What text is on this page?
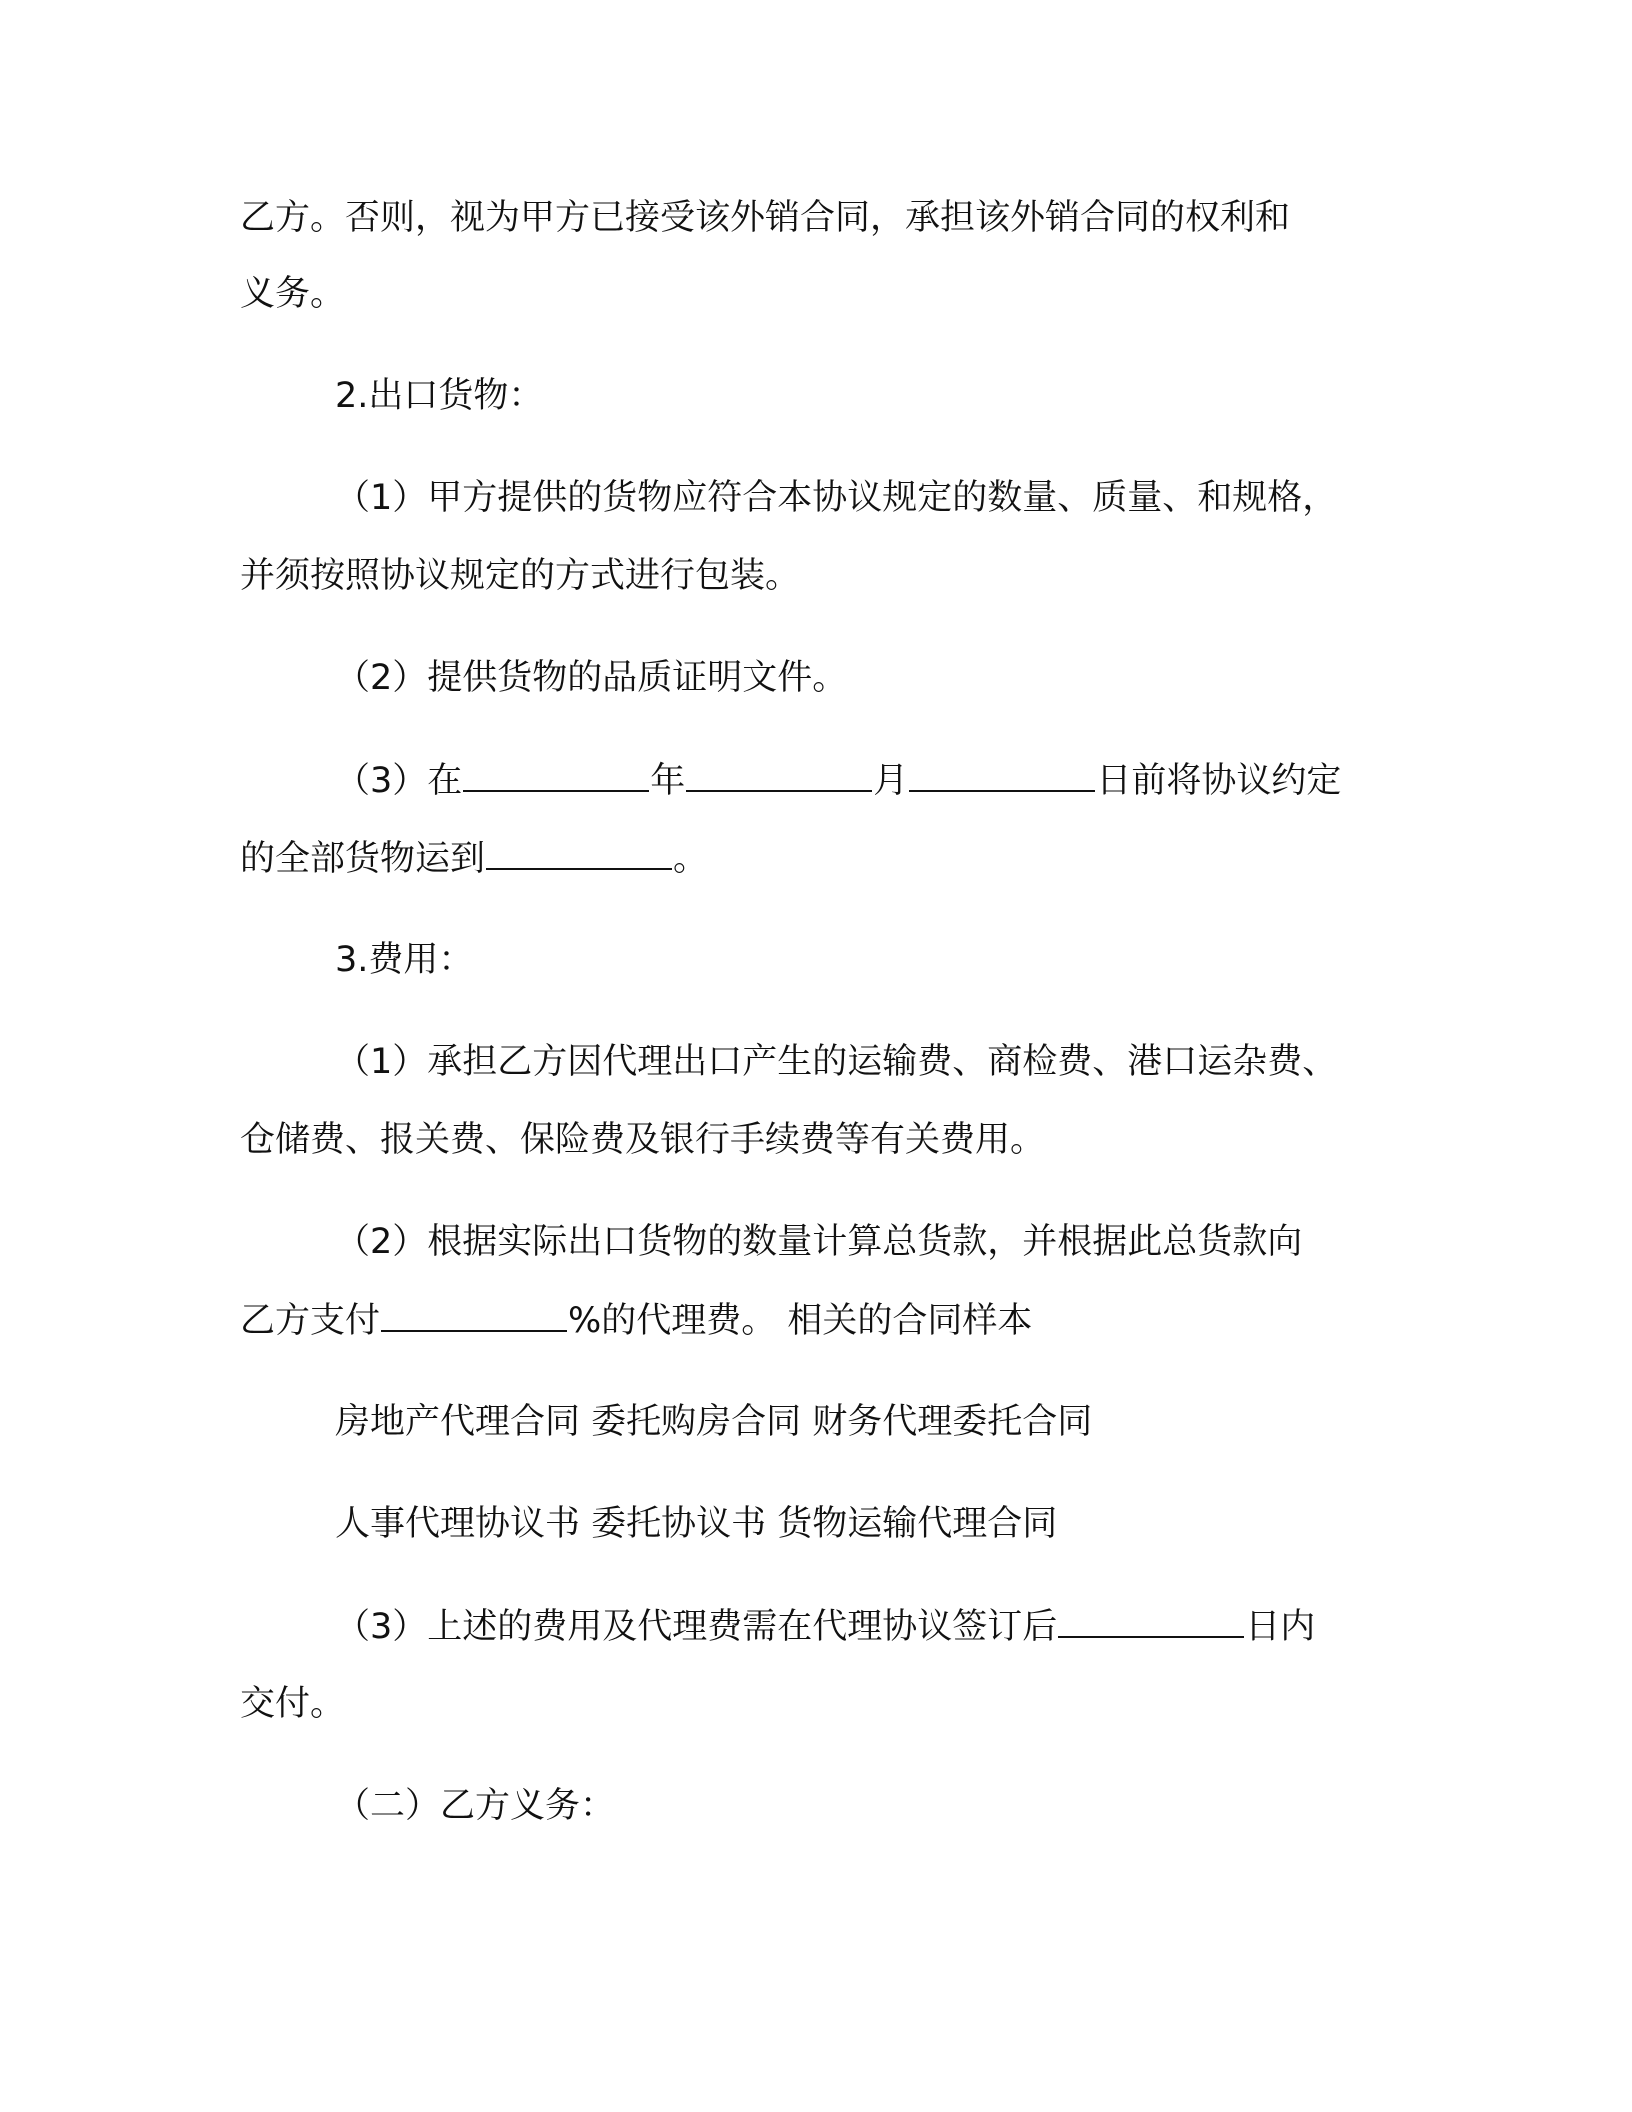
乙方。否则，视为甲方已接受该外销合同，承担该外销合同的权利和
义务。
2.出口货物：
（1）甲方提供的货物应符合本协议规定的数量、质量、和规格，
并须按照协议规定的方式进行包装。
（2）提供货物的品质证明文件。
（3）在	年	月	日前将协议约定
的全部货物运到	。
3.费用：
（1）承担乙方因代理出口产生的运输费、商检费、港口运杂费、
仓储费、报关费、保险费及银行手续费等有关费用。
（2）根据实际出口货物的数量计算总货款，并根据此总货款向
乙方支付	%的代理费。 相关的合同样本
房地产代理合同 委托购房合同 财务代理委托合同
人事代理协议书 委托协议书 货物运输代理合同
（3）上述的费用及代理费需在代理协议签订后	日内
交付。
（二）乙方义务：
